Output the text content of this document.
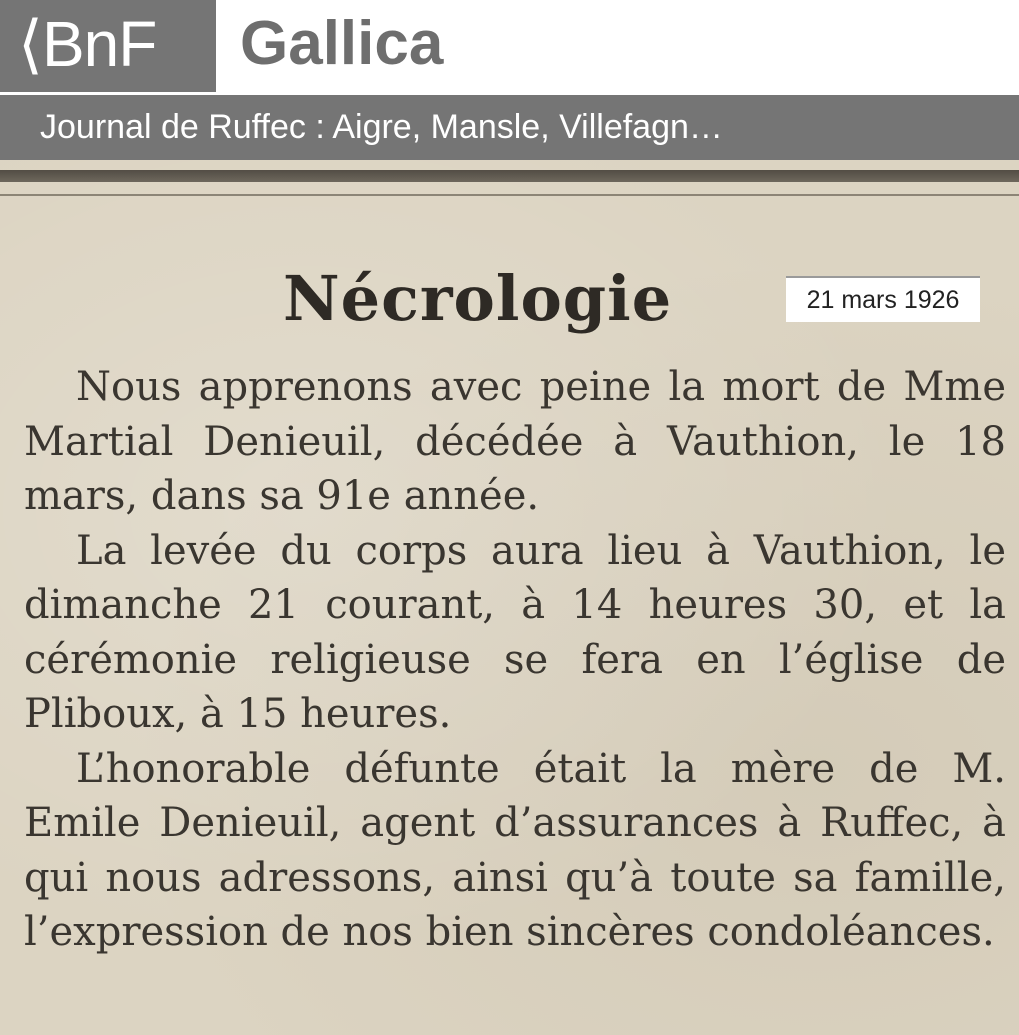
⟨BnF	Gallica
Journal de Ruffec : Aigre, Mansle, Villefagn…
Nécrologie	21 mars 1926

Nous apprenons avec peine la mort de Mme Martial Denieuil, décédée à Vauthion, le 18 mars, dans sa 91e année.

La levée du corps aura lieu à Vauthion, le dimanche 21 courant, à 14 heures 30, et la cérémonie religieuse se fera en l’église de Pliboux, à 15 heures.

L’honorable défunte était la mère de M. Emile Denieuil, agent d’assurances à Ruffec, à qui nous adressons, ainsi qu’à toute sa famille, l’expression de nos bien sincères condoléances.
